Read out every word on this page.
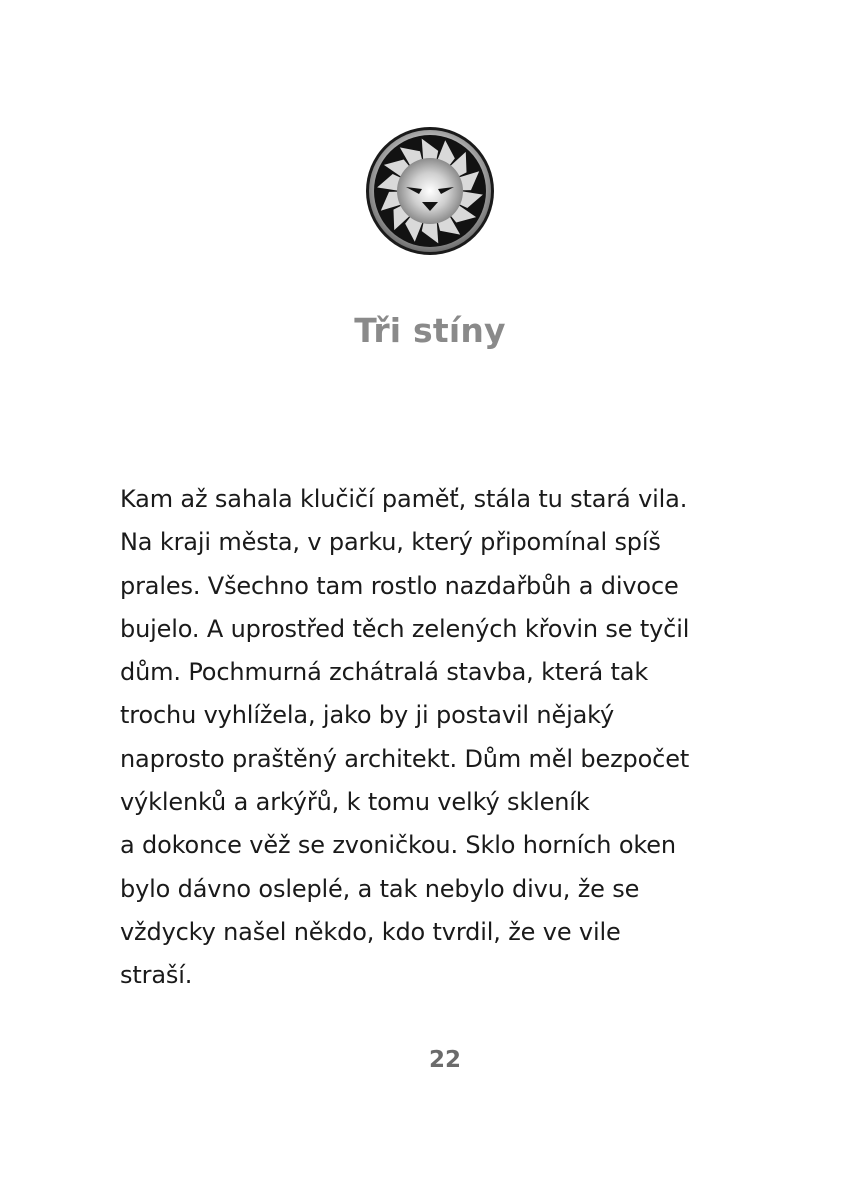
Tři stíny
Kam až sahala klučičí paměť, stála tu stará vila.
Na kraji města, v parku, který připomínal spíš
prales. Všechno tam rostlo nazdařbůh a divoce
bujelo. A uprostřed těch zelených křovin se tyčil
dům. Pochmurná zchátralá stavba, která tak
trochu vyhlížela, jako by ji postavil nějaký
naprosto praštěný architekt. Dům měl bezpočet
výklenků a arkýřů, k tomu velký skleník
a dokonce věž se zvoničkou. Sklo horních oken
bylo dávno osleplé, a tak nebylo divu, že se
vždycky našel někdo, kdo tvrdil, že ve vile
straší.
22
